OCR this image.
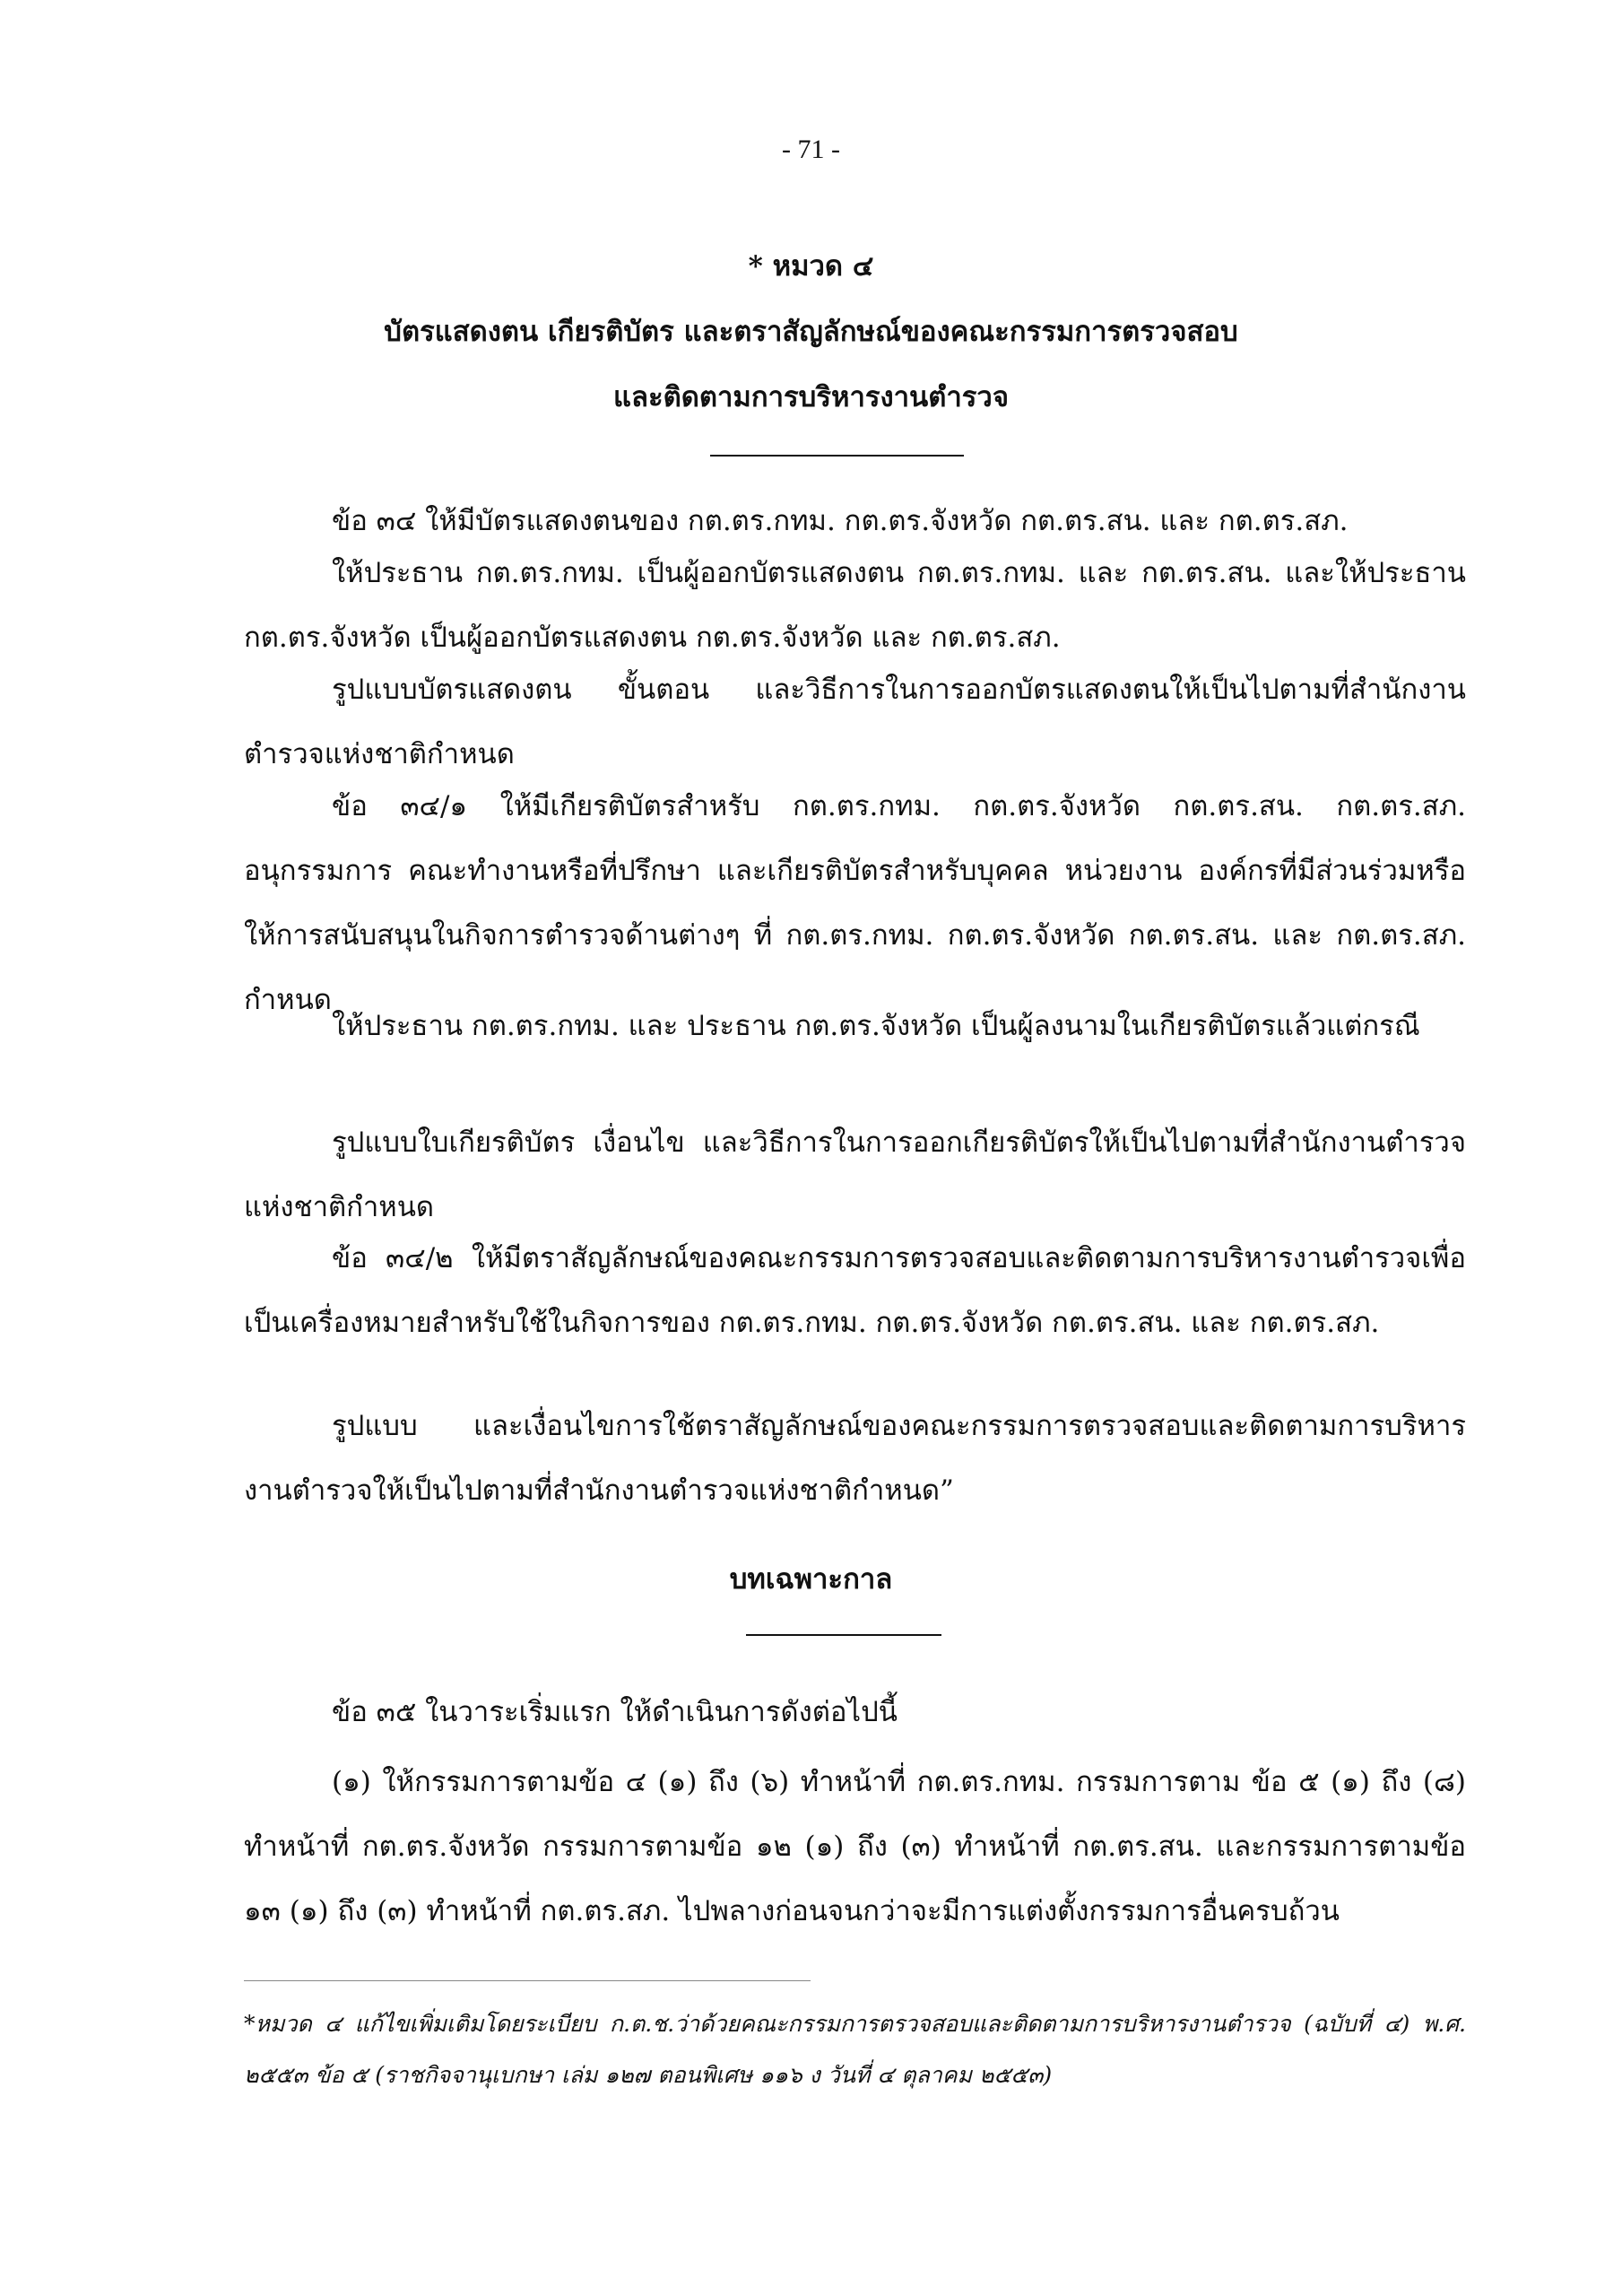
- 71 -
* หมวด ๔
บัตรแสดงตน เกียรติบัตร และตราสัญลักษณ์ของคณะกรรมการตรวจสอบ
และติดตามการบริหารงานตำรวจ

ข้อ ๓๔ ให้มีบัตรแสดงตนของ กต.ตร.กทม. กต.ตร.จังหวัด กต.ตร.สน. และ กต.ตร.สภ.

ให้ประธาน กต.ตร.กทม. เป็นผู้ออกบัตรแสดงตน กต.ตร.กทม. และ กต.ตร.สน. และให้ประธาน กต.ตร.จังหวัด เป็นผู้ออกบัตรแสดงตน กต.ตร.จังหวัด และ กต.ตร.สภ.

รูปแบบบัตรแสดงตน ขั้นตอน และวิธีการในการออกบัตรแสดงตนให้เป็นไปตามที่สำนักงานตำรวจแห่งชาติกำหนด

ข้อ ๓๔/๑ ให้มีเกียรติบัตรสำหรับ กต.ตร.กทม. กต.ตร.จังหวัด กต.ตร.สน. กต.ตร.สภ. อนุกรรมการ คณะทำงานหรือที่ปรึกษา และเกียรติบัตรสำหรับบุคคล หน่วยงาน องค์กรที่มีส่วนร่วมหรือให้การสนับสนุนในกิจการตำรวจด้านต่างๆ ที่ กต.ตร.กทม. กต.ตร.จังหวัด กต.ตร.สน. และ กต.ตร.สภ. กำหนด

ให้ประธาน กต.ตร.กทม. และ ประธาน กต.ตร.จังหวัด เป็นผู้ลงนามในเกียรติบัตรแล้วแต่กรณี

รูปแบบใบเกียรติบัตร เงื่อนไข และวิธีการในการออกเกียรติบัตรให้เป็นไปตามที่สำนักงานตำรวจแห่งชาติกำหนด

ข้อ ๓๔/๒ ให้มีตราสัญลักษณ์ของคณะกรรมการตรวจสอบและติดตามการบริหารงานตำรวจเพื่อเป็นเครื่องหมายสำหรับใช้ในกิจการของ กต.ตร.กทม. กต.ตร.จังหวัด กต.ตร.สน. และ กต.ตร.สภ.

รูปแบบ และเงื่อนไขการใช้ตราสัญลักษณ์ของคณะกรรมการตรวจสอบและติดตามการบริหารงานตำรวจให้เป็นไปตามที่สำนักงานตำรวจแห่งชาติกำหนด”

บทเฉพาะกาล

ข้อ ๓๕ ในวาระเริ่มแรก ให้ดำเนินการดังต่อไปนี้

(๑) ให้กรรมการตามข้อ ๔ (๑) ถึง (๖) ทำหน้าที่ กต.ตร.กทม. กรรมการตาม ข้อ ๕ (๑) ถึง (๘) ทำหน้าที่ กต.ตร.จังหวัด กรรมการตามข้อ ๑๒ (๑) ถึง (๓) ทำหน้าที่ กต.ตร.สน. และกรรมการตามข้อ ๑๓ (๑) ถึง (๓) ทำหน้าที่ กต.ตร.สภ. ไปพลางก่อนจนกว่าจะมีการแต่งตั้งกรรมการอื่นครบถ้วน

*หมวด ๔ แก้ไขเพิ่มเติมโดยระเบียบ ก.ต.ช.ว่าด้วยคณะกรรมการตรวจสอบและติดตามการบริหารงานตำรวจ (ฉบับที่ ๔) พ.ศ. ๒๕๕๓ ข้อ ๕ (ราชกิจจานุเบกษา เล่ม ๑๒๗ ตอนพิเศษ ๑๑๖ ง วันที่ ๔ ตุลาคม ๒๕๕๓)
